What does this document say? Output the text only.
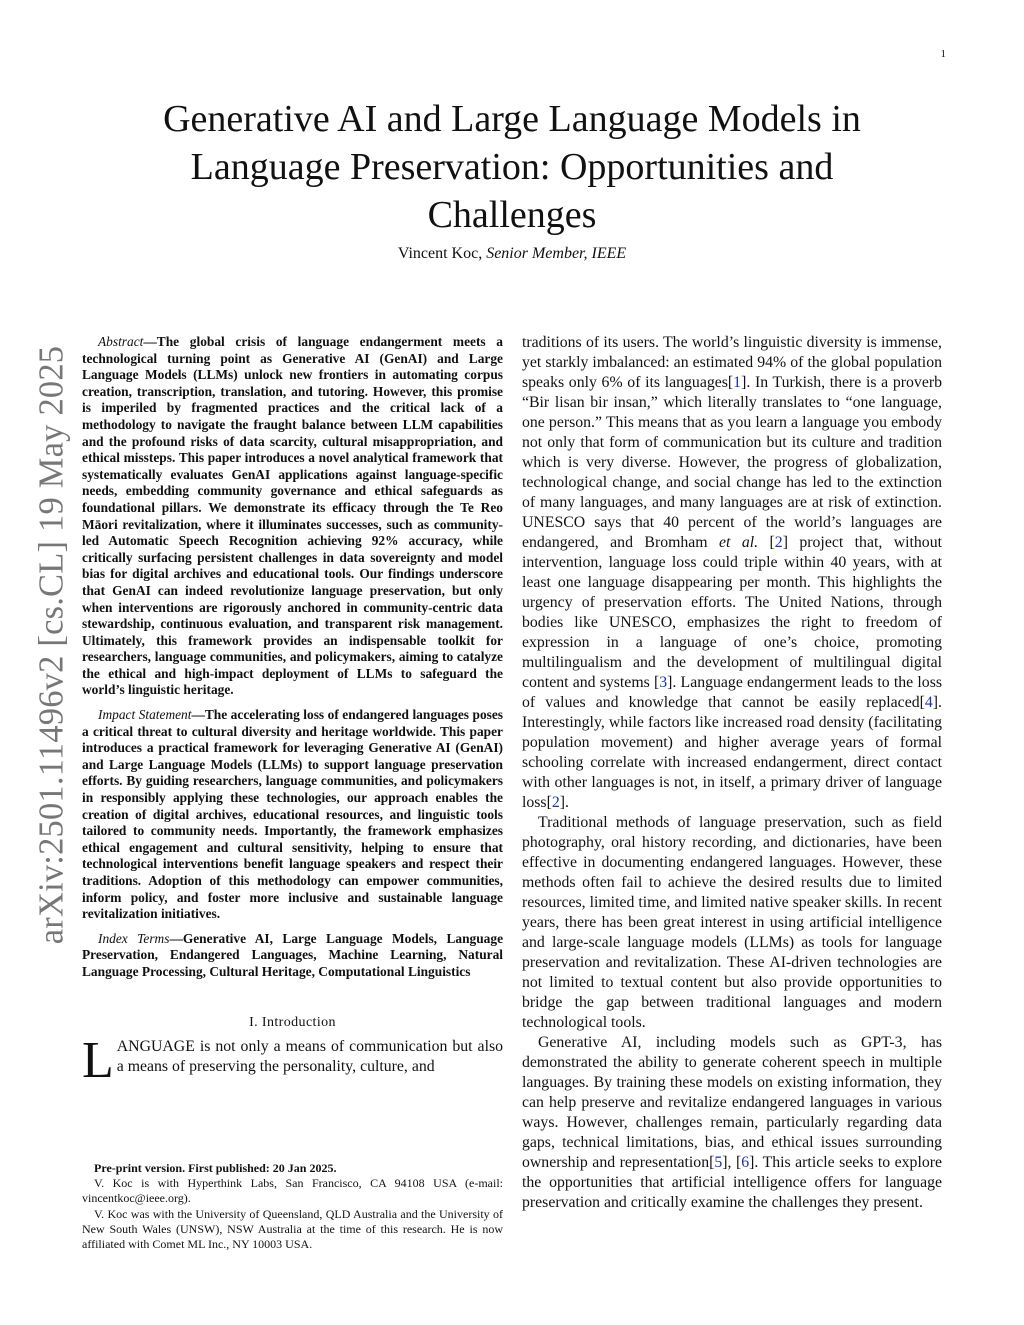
1
arXiv:2501.11496v2 [cs.CL] 19 May 2025
Generative AI and Large Language Models in Language Preservation: Opportunities and Challenges
Vincent Koc, Senior Member, IEEE

Abstract—The global crisis of language endangerment meets a technological turning point as Generative AI (GenAI) and Large Language Models (LLMs) unlock new frontiers in automating corpus creation, transcription, translation, and tutoring. However, this promise is imperiled by fragmented practices and the critical lack of a methodology to navigate the fraught balance between LLM capabilities and the profound risks of data scarcity, cultural misappropriation, and ethical missteps. This paper introduces a novel analytical framework that systematically evaluates GenAI applications against language-specific needs, embedding community governance and ethical safeguards as foundational pillars. We demonstrate its efficacy through the Te Reo Māori revitalization, where it illuminates successes, such as community-led Automatic Speech Recognition achieving 92% accuracy, while critically surfacing persistent challenges in data sovereignty and model bias for digital archives and educational tools. Our findings underscore that GenAI can indeed revolutionize language preservation, but only when interventions are rigorously anchored in community-centric data stewardship, continuous evaluation, and transparent risk management. Ultimately, this framework provides an indispensable toolkit for researchers, language communities, and policymakers, aiming to catalyze the ethical and high-impact deployment of LLMs to safeguard the world’s linguistic heritage.

Impact Statement—The accelerating loss of endangered languages poses a critical threat to cultural diversity and heritage worldwide. This paper introduces a practical framework for leveraging Generative AI (GenAI) and Large Language Models (LLMs) to support language preservation efforts. By guiding researchers, language communities, and policymakers in responsibly applying these technologies, our approach enables the creation of digital archives, educational resources, and linguistic tools tailored to community needs. Importantly, the framework emphasizes ethical engagement and cultural sensitivity, helping to ensure that technological interventions benefit language speakers and respect their traditions. Adoption of this methodology can empower communities, inform policy, and foster more inclusive and sustainable language revitalization initiatives.

Index Terms—Generative AI, Large Language Models, Language Preservation, Endangered Languages, Machine Learning, Natural Language Processing, Cultural Heritage, Computational Linguistics

I. Introduction

LANGUAGE is not only a means of communication but also a means of preserving the personality, culture, and

Pre-print version. First published: 20 Jan 2025.

V. Koc is with Hyperthink Labs, San Francisco, CA 94108 USA (e-mail: vincentkoc@ieee.org).

V. Koc was with the University of Queensland, QLD Australia and the University of New South Wales (UNSW), NSW Australia at the time of this research. He is now affiliated with Comet ML Inc., NY 10003 USA.

traditions of its users. The world’s linguistic diversity is immense, yet starkly imbalanced: an estimated 94% of the global population speaks only 6% of its languages[1]. In Turkish, there is a proverb “Bir lisan bir insan,” which literally translates to “one language, one person.” This means that as you learn a language you embody not only that form of communication but its culture and tradition which is very diverse. However, the progress of globalization, technological change, and social change has led to the extinction of many languages, and many languages are at risk of extinction. UNESCO says that 40 percent of the world’s languages are endangered, and Bromham et al. [2] project that, without intervention, language loss could triple within 40 years, with at least one language disappearing per month. This highlights the urgency of preservation efforts. The United Nations, through bodies like UNESCO, emphasizes the right to freedom of expression in a language of one’s choice, promoting multilingualism and the development of multilingual digital content and systems [3]. Language endangerment leads to the loss of values and knowledge that cannot be easily replaced[4]. Interestingly, while factors like increased road density (facilitating population movement) and higher average years of formal schooling correlate with increased endangerment, direct contact with other languages is not, in itself, a primary driver of language loss[2].

Traditional methods of language preservation, such as field photography, oral history recording, and dictionaries, have been effective in documenting endangered languages. However, these methods often fail to achieve the desired results due to limited resources, limited time, and limited native speaker skills. In recent years, there has been great interest in using artificial intelligence and large-scale language models (LLMs) as tools for language preservation and revitalization. These AI-driven technologies are not limited to textual content but also provide opportunities to bridge the gap between traditional languages and modern technological tools.

Generative AI, including models such as GPT-3, has demonstrated the ability to generate coherent speech in multiple languages. By training these models on existing information, they can help preserve and revitalize endangered languages in various ways. However, challenges remain, particularly regarding data gaps, technical limitations, bias, and ethical issues surrounding ownership and representation[5], [6]. This article seeks to explore the opportunities that artificial intelligence offers for language preservation and critically examine the challenges they present.
